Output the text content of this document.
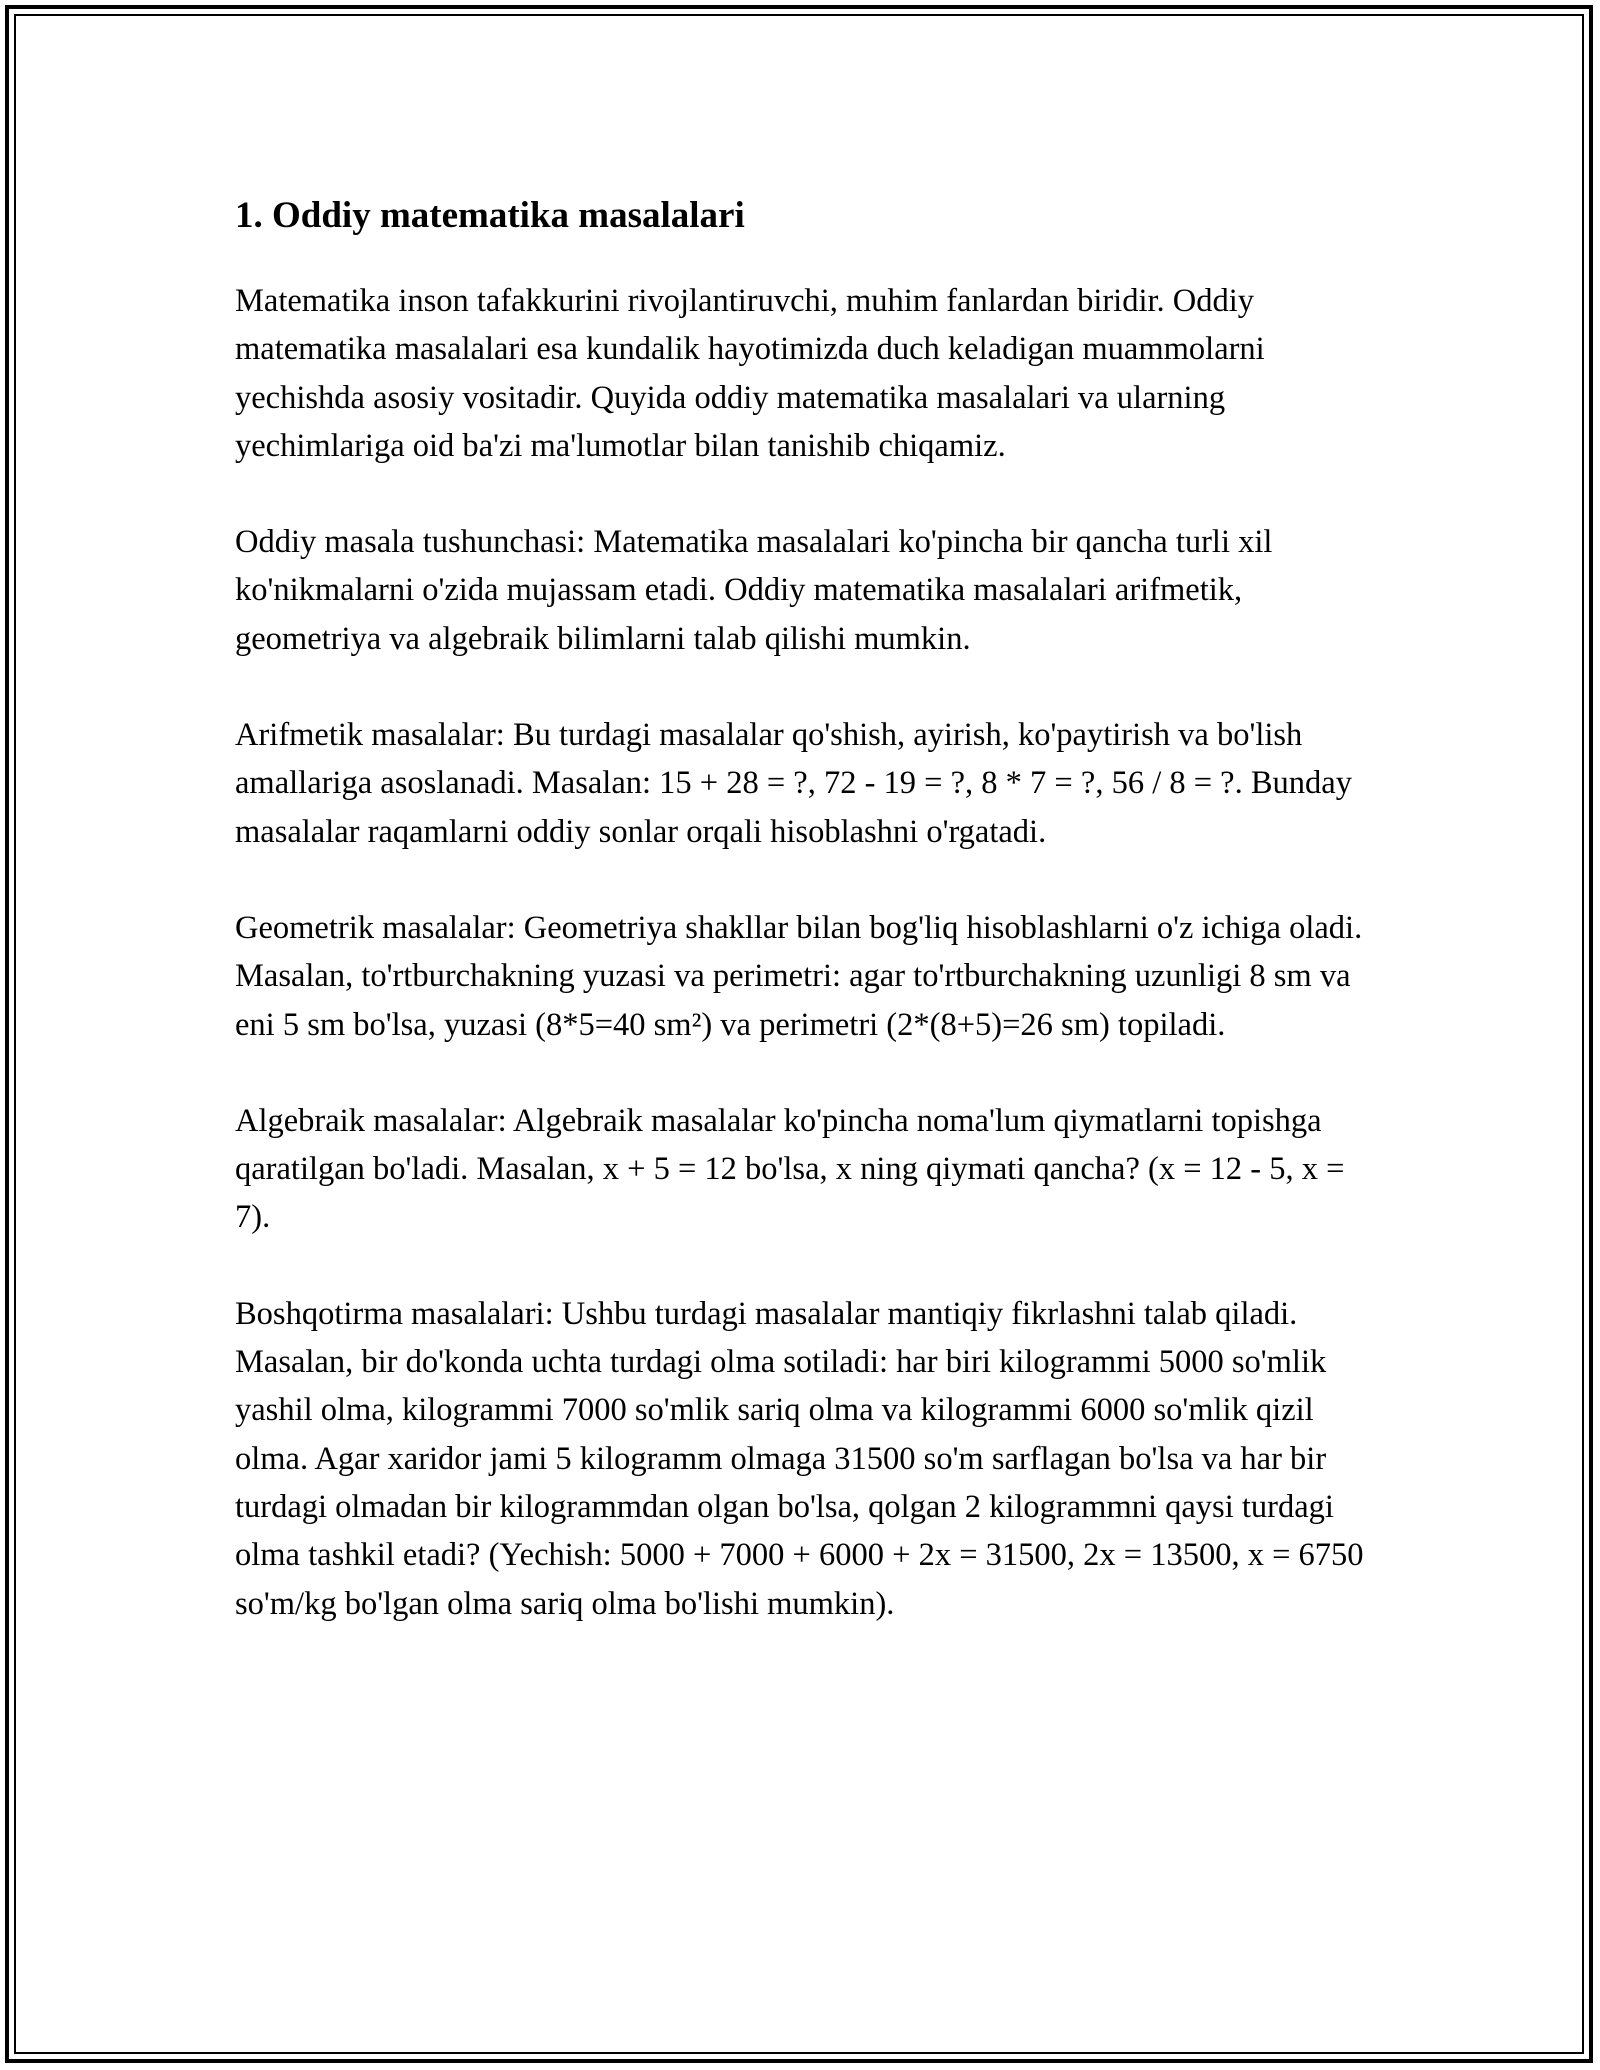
1. Oddiy matematika masalalari

Matematika inson tafakkurini rivojlantiruvchi, muhim fanlardan biridir. Oddiy matematika masalalari esa kundalik hayotimizda duch keladigan muammolarni yechishda asosiy vositadir. Quyida oddiy matematika masalalari va ularning yechimlariga oid ba'zi ma'lumotlar bilan tanishib chiqamiz.

Oddiy masala tushunchasi: Matematika masalalari ko'pincha bir qancha turli xil ko'nikmalarni o'zida mujassam etadi. Oddiy matematika masalalari arifmetik, geometriya va algebraik bilimlarni talab qilishi mumkin.

Arifmetik masalalar: Bu turdagi masalalar qo'shish, ayirish, ko'paytirish va bo'lish amallariga asoslanadi. Masalan: 15 + 28 = ?, 72 - 19 = ?, 8 * 7 = ?, 56 / 8 = ?. Bunday masalalar raqamlarni oddiy sonlar orqali hisoblashni o'rgatadi.

Geometrik masalalar: Geometriya shakllar bilan bog'liq hisoblashlarni o'z ichiga oladi. Masalan, to'rtburchakning yuzasi va perimetri: agar to'rtburchakning uzunligi 8 sm va eni 5 sm bo'lsa, yuzasi (8*5=40 sm²) va perimetri (2*(8+5)=26 sm) topiladi.

Algebraik masalalar: Algebraik masalalar ko'pincha noma'lum qiymatlarni topishga qaratilgan bo'ladi. Masalan, x + 5 = 12 bo'lsa, x ning qiymati qancha? (x = 12 - 5, x = 7).

Boshqotirma masalalari: Ushbu turdagi masalalar mantiqiy fikrlashni talab qiladi. Masalan, bir do'konda uchta turdagi olma sotiladi: har biri kilogrammi 5000 so'mlik yashil olma, kilogrammi 7000 so'mlik sariq olma va kilogrammi 6000 so'mlik qizil olma. Agar xaridor jami 5 kilogramm olmaga 31500 so'm sarflagan bo'lsa va har bir turdagi olmadan bir kilogrammdan olgan bo'lsa, qolgan 2 kilogrammni qaysi turdagi olma tashkil etadi? (Yechish: 5000 + 7000 + 6000 + 2x = 31500, 2x = 13500, x = 6750 so'm/kg bo'lgan olma sariq olma bo'lishi mumkin).
